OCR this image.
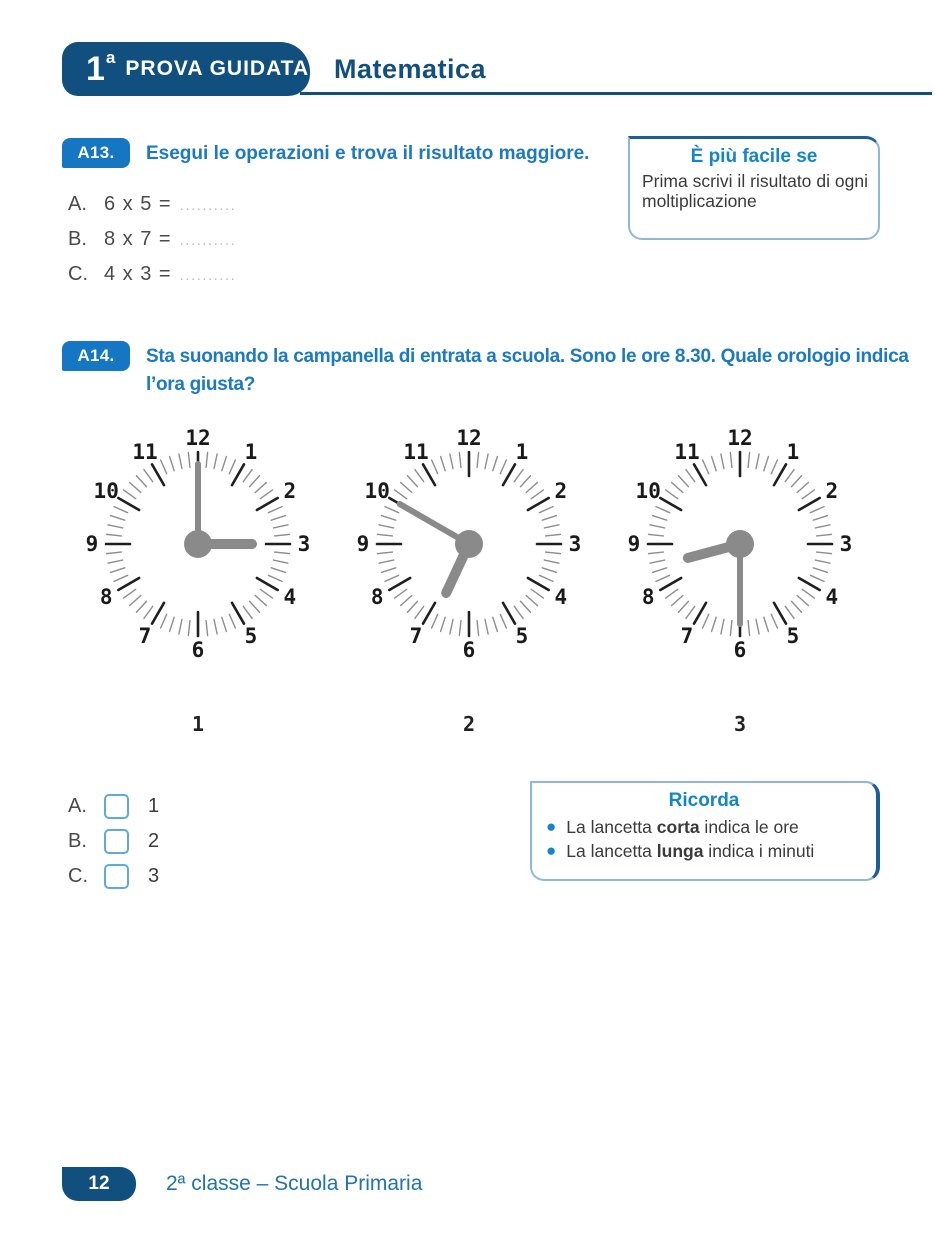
1 a PROVA GUIDATA Matematica
A13.	Esegui le operazioni e trova il risultato maggiore.
A. 6 x 5 = ..........
B. 8 x 7 = ..........
C. 4 x 3 = ..........
È più facile se
Prima scrivi il risultato di ogni moltiplicazione
A14.	Sta suonando la campanella di entrata a scuola. Sono le ore 8.30. Quale orologio indica l’ora giusta?
1
2
3
4
5
6
7
8
9
10
11
12
1
2
3
4
5
6
7
8
9
10
11
12
1
2
3
4
5
6
7
8
9
10
11
12
1	2	3
A.	1
B.	2
C.	3
Ricorda
● La lancetta corta indica le ore
● La lancetta lunga indica i minuti
12	2ª classe – Scuola Primaria
